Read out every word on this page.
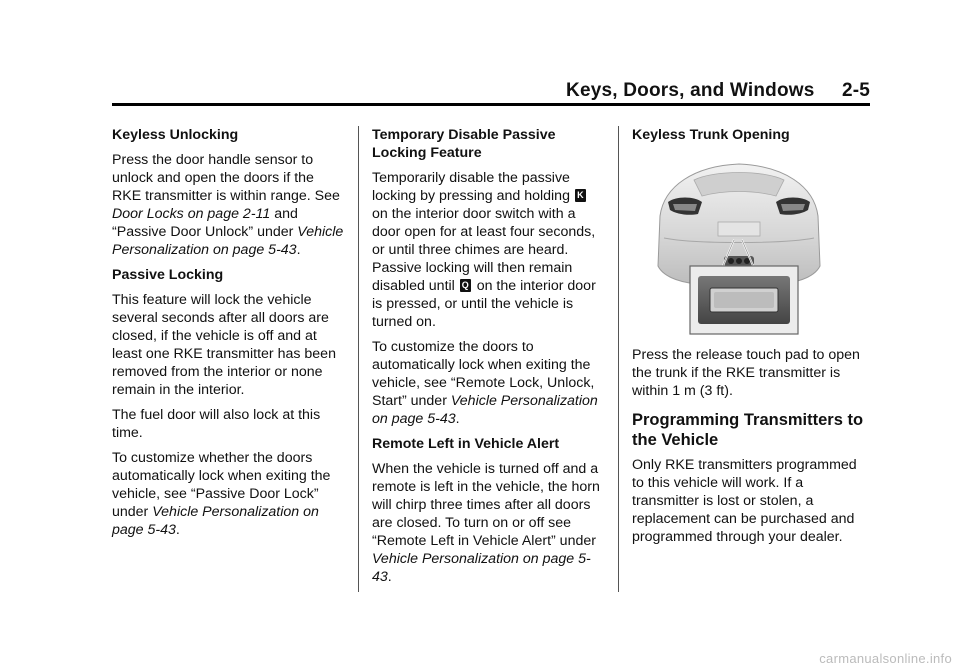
Keys, Doors, and Windows     2-5
Keyless Unlocking

Press the door handle sensor to unlock and open the doors if the RKE transmitter is within range. See Door Locks on page 2-11 and “Passive Door Unlock” under Vehicle Personalization on page 5-43.

Passive Locking

This feature will lock the vehicle several seconds after all doors are closed, if the vehicle is off and at least one RKE transmitter has been removed from the interior or none remain in the interior.

The fuel door will also lock at this time.

To customize whether the doors automatically lock when exiting the vehicle, see “Passive Door Lock” under Vehicle Personalization on page 5-43.

Temporary Disable Passive Locking Feature

Temporarily disable the passive locking by pressing and holding K on the interior door switch with a door open for at least four seconds, or until three chimes are heard. Passive locking will then remain disabled until Q on the interior door is pressed, or until the vehicle is turned on.

To customize the doors to automatically lock when exiting the vehicle, see “Remote Lock, Unlock, Start” under Vehicle Personalization on page 5-43.

Remote Left in Vehicle Alert

When the vehicle is turned off and a remote is left in the vehicle, the horn will chirp three times after all doors are closed. To turn on or off see “Remote Left in Vehicle Alert” under Vehicle Personalization on page 5-43.

Keyless Trunk Opening

Press the release touch pad to open the trunk if the RKE transmitter is within 1 m (3 ft).

Programming Transmitters to the Vehicle

Only RKE transmitters programmed to this vehicle will work. If a transmitter is lost or stolen, a replacement can be purchased and programmed through your dealer.

carmanualsonline.info
